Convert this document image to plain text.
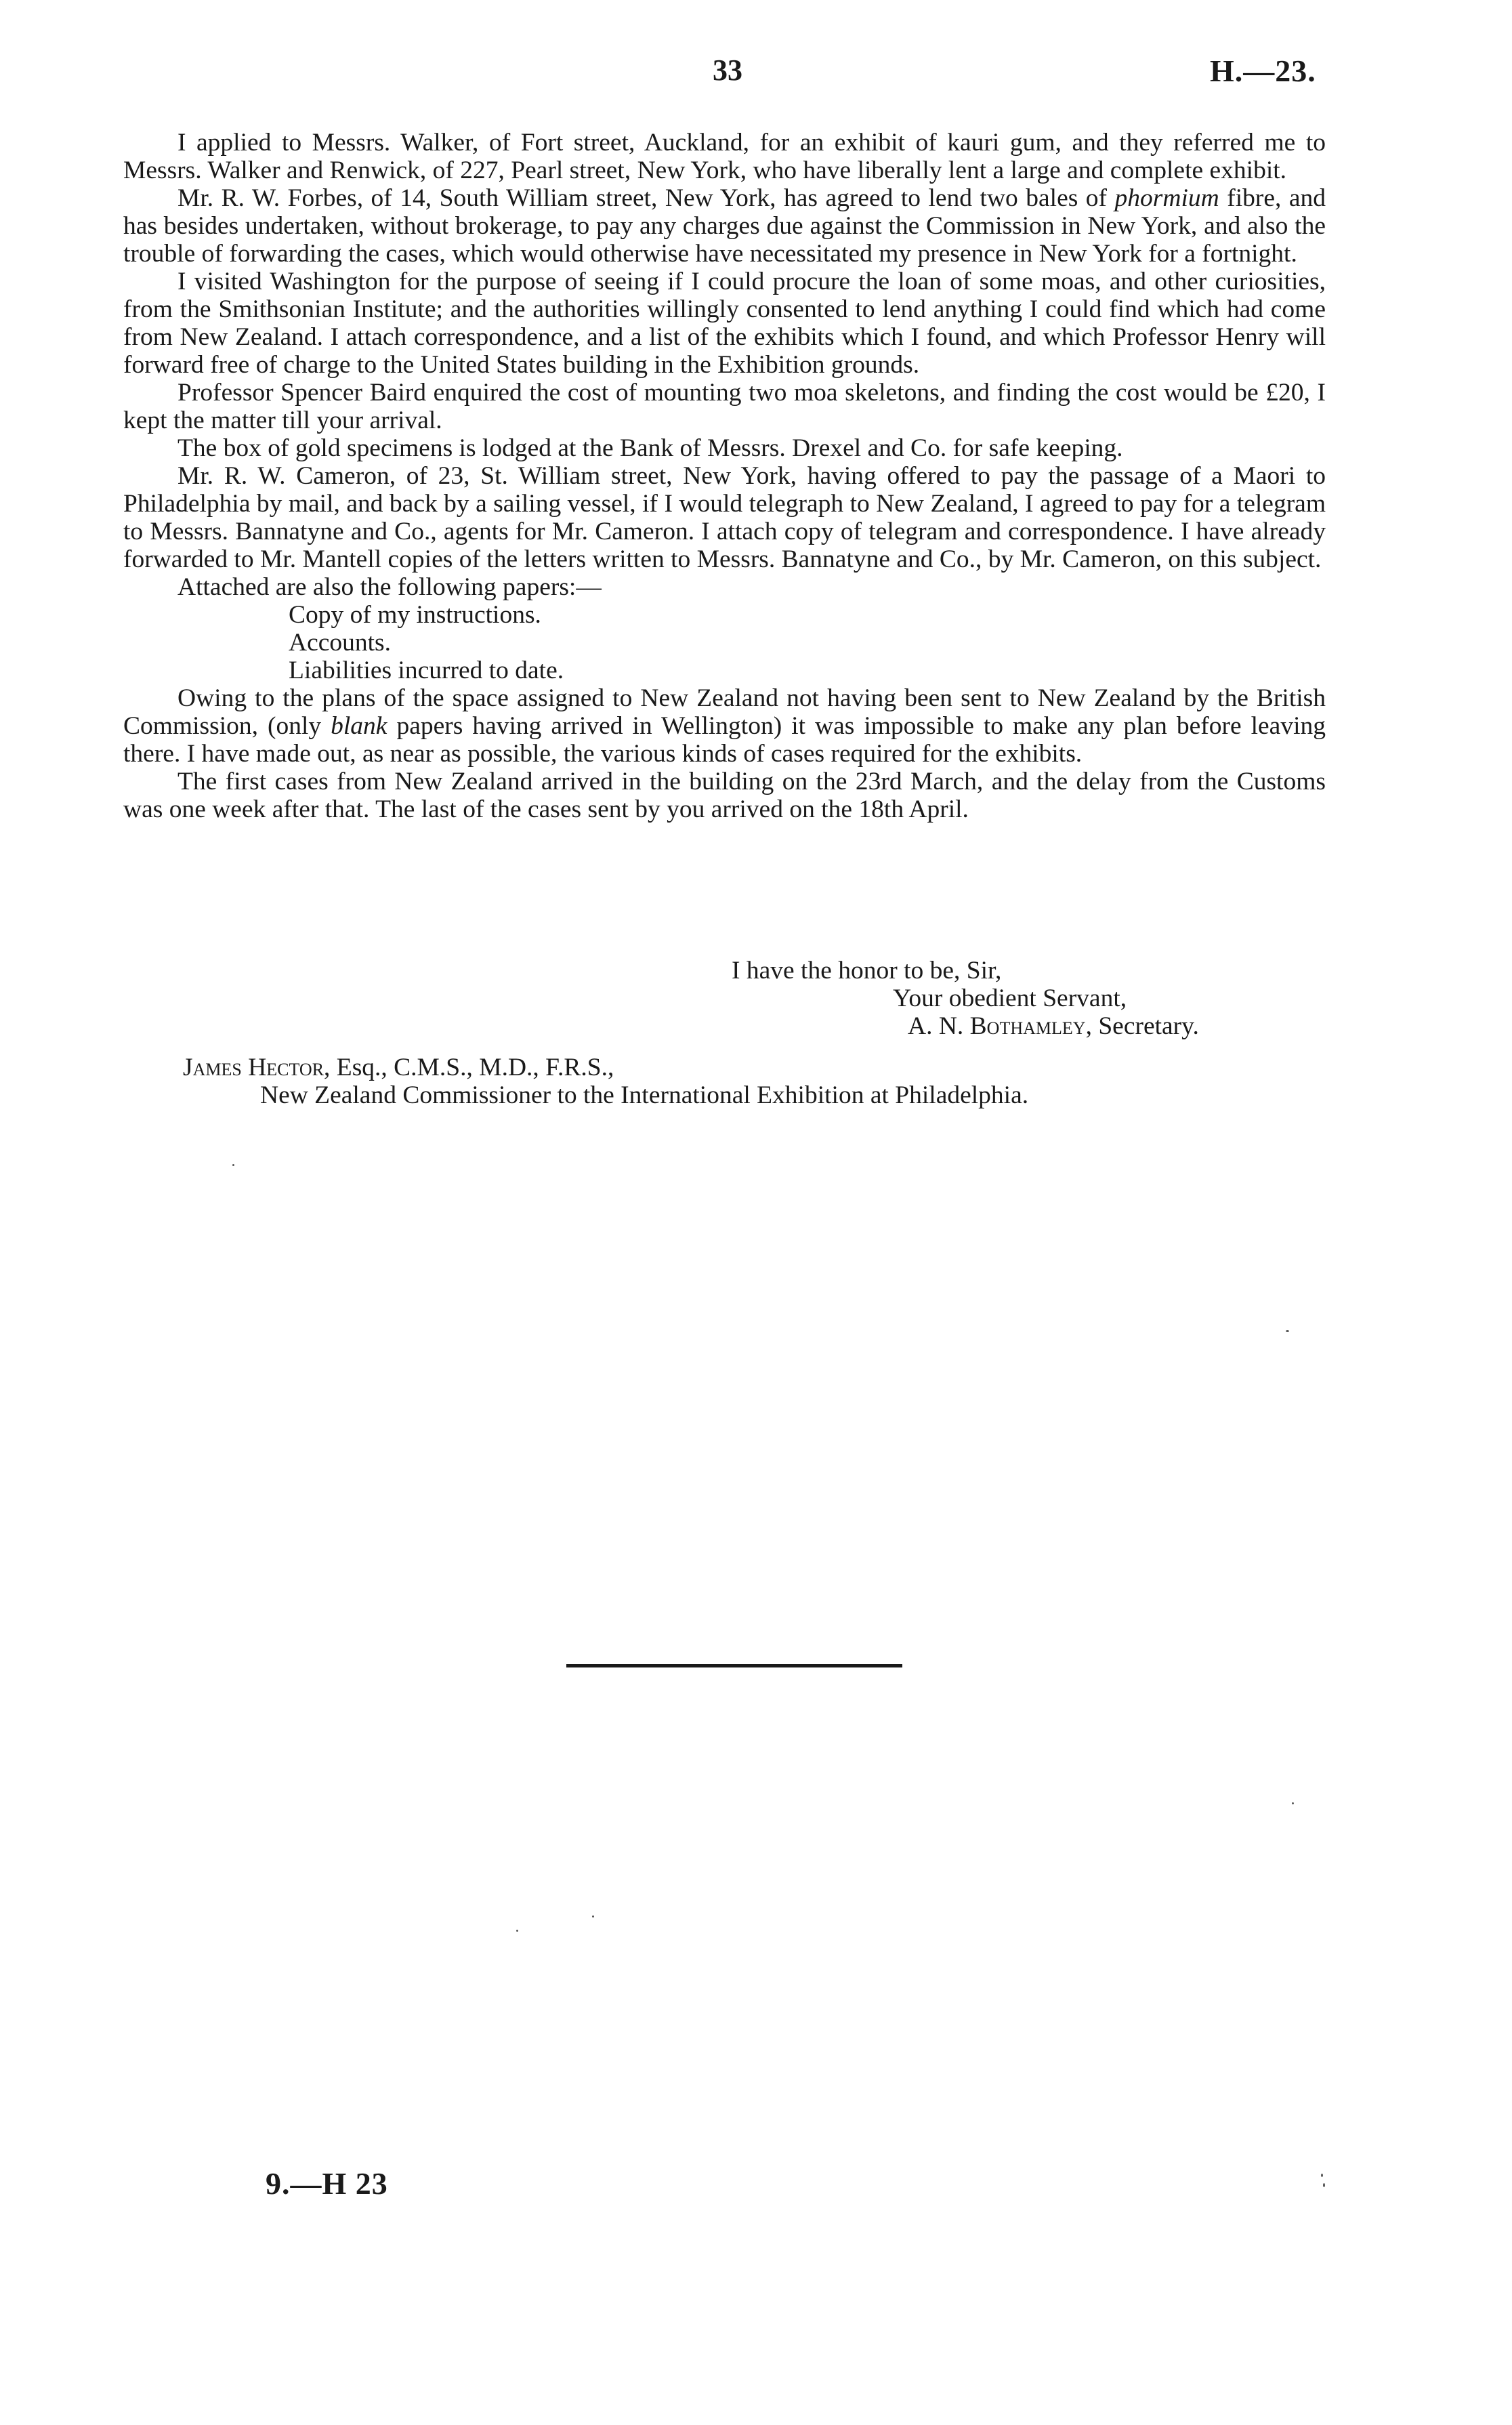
33	H.—23.

I applied to Messrs. Walker, of Fort street, Auckland, for an exhibit of kauri gum, and they referred me to Messrs. Walker and Renwick, of 227, Pearl street, New York, who have liberally lent a large and complete exhibit.

Mr. R. W. Forbes, of 14, South William street, New York, has agreed to lend two bales of phormium fibre, and has besides undertaken, without brokerage, to pay any charges due against the Commission in New York, and also the trouble of forwarding the cases, which would otherwise have necessitated my presence in New York for a fortnight.

I visited Washington for the purpose of seeing if I could procure the loan of some moas, and other curiosities, from the Smithsonian Institute; and the authorities willingly consented to lend anything I could find which had come from New Zealand. I attach correspondence, and a list of the exhibits which I found, and which Professor Henry will forward free of charge to the United States building in the Exhibition grounds.

Professor Spencer Baird enquired the cost of mounting two moa skeletons, and finding the cost would be £20, I kept the matter till your arrival.

The box of gold specimens is lodged at the Bank of Messrs. Drexel and Co. for safe keeping.

Mr. R. W. Cameron, of 23, St. William street, New York, having offered to pay the passage of a Maori to Philadelphia by mail, and back by a sailing vessel, if I would telegraph to New Zealand, I agreed to pay for a telegram to Messrs. Bannatyne and Co., agents for Mr. Cameron. I attach copy of telegram and correspondence. I have already forwarded to Mr. Mantell copies of the letters written to Messrs. Bannatyne and Co., by Mr. Cameron, on this subject.

Attached are also the following papers:—

Copy of my instructions.
Accounts.
Liabilities incurred to date.

Owing to the plans of the space assigned to New Zealand not having been sent to New Zealand by the British Commission, (only blank papers having arrived in Wellington) it was impossible to make any plan before leaving there. I have made out, as near as possible, the various kinds of cases required for the exhibits.

The first cases from New Zealand arrived in the building on the 23rd March, and the delay from the Customs was one week after that. The last of the cases sent by you arrived on the 18th April.

I have the honor to be, Sir,
Your obedient Servant,
A. N. Bothamley, Secretary.
James Hector, Esq., C.M.S., M.D., F.R.S.,
New Zealand Commissioner to the International Exhibition at Philadelphia.
9.—H 23
